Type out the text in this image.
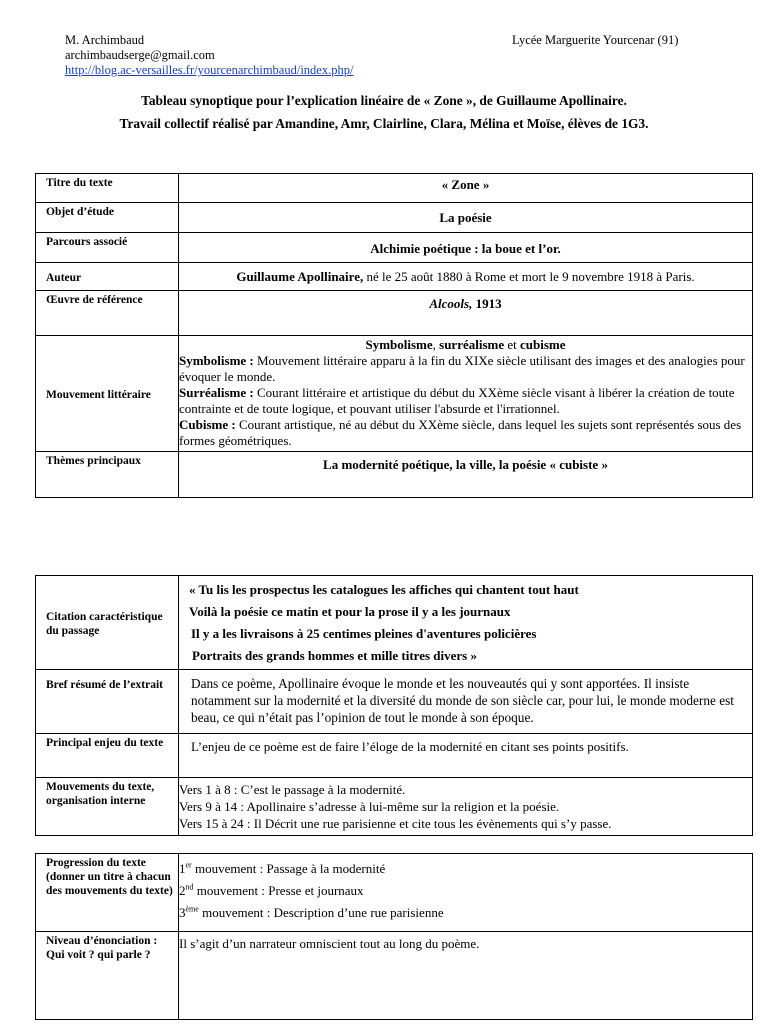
M. Archimbaud
archimbaudserge@gmail.com
http://blog.ac-versailles.fr/yourcenarchimbaud/index.php/
Lycée Marguerite Yourcenar (91)
Tableau synoptique pour l’explication linéaire de « Zone », de Guillaume Apollinaire.
Travail collectif réalisé par Amandine, Amr, Clairline, Clara, Mélina et Moïse, élèves de 1G3.
Titre du texte	« Zone »
Objet d’étude	La poésie
Parcours associé	Alchimie poétique : la boue et l’or.
Auteur	Guillaume Apollinaire, né le 25 août 1880 à Rome et mort le 9 novembre 1918 à Paris.
Œuvre de référence	Alcools, 1913
Mouvement littéraire	Symbolisme, surréalisme et cubisme

Symbolisme : Mouvement littéraire apparu à la fin du XIXe siècle utilisant des images et des analogies pour évoquer le monde.

Surréalisme : Courant littéraire et artistique du début du XXème siècle visant à libérer la création de toute contrainte et de toute logique, et pouvant utiliser l'absurde et l'irrationnel.

Cubisme : Courant artistique, né au début du XXème siècle, dans lequel les sujets sont représentés sous des formes géométriques.

Thèmes principaux	La modernité poétique, la ville, la poésie « cubiste »
Citation caractéristique du passage	« Tu lis les prospectus les catalogues les affiches qui chantent tout haut

Voilà la poésie ce matin et pour la prose il y a les journaux

Il y a les livraisons à 25 centimes pleines d'aventures policières

Portraits des grands hommes et mille titres divers »

Bref résumé de l’extrait	Dans ce poème, Apollinaire évoque le monde et les nouveautés qui y sont apportées. Il insiste notamment sur la modernité et la diversité du monde de son siècle car, pour lui, le monde moderne est beau, ce qui n’était pas l’opinion de tout le monde à son époque.
Principal enjeu du texte	L’enjeu de ce poème est de faire l’éloge de la modernité en citant ses points positifs.
Mouvements du texte, organisation interne	Vers 1 à 8 : C’est le passage à la modernité.

Vers 9 à 14 : Apollinaire s’adresse à lui-même sur la religion et la poésie.

Vers 15 à 24 : Il Décrit une rue parisienne et cite tous les évènements qui s’y passe.

Progression du texte (donner un titre à chacun des mouvements du texte)	1er mouvement : Passage à la modernité

2nd mouvement : Presse et journaux

3ème mouvement : Description d’une rue parisienne

Niveau d’énonciation : Qui voit ? qui parle ?	Il s’agit d’un narrateur omniscient tout au long du poème.
